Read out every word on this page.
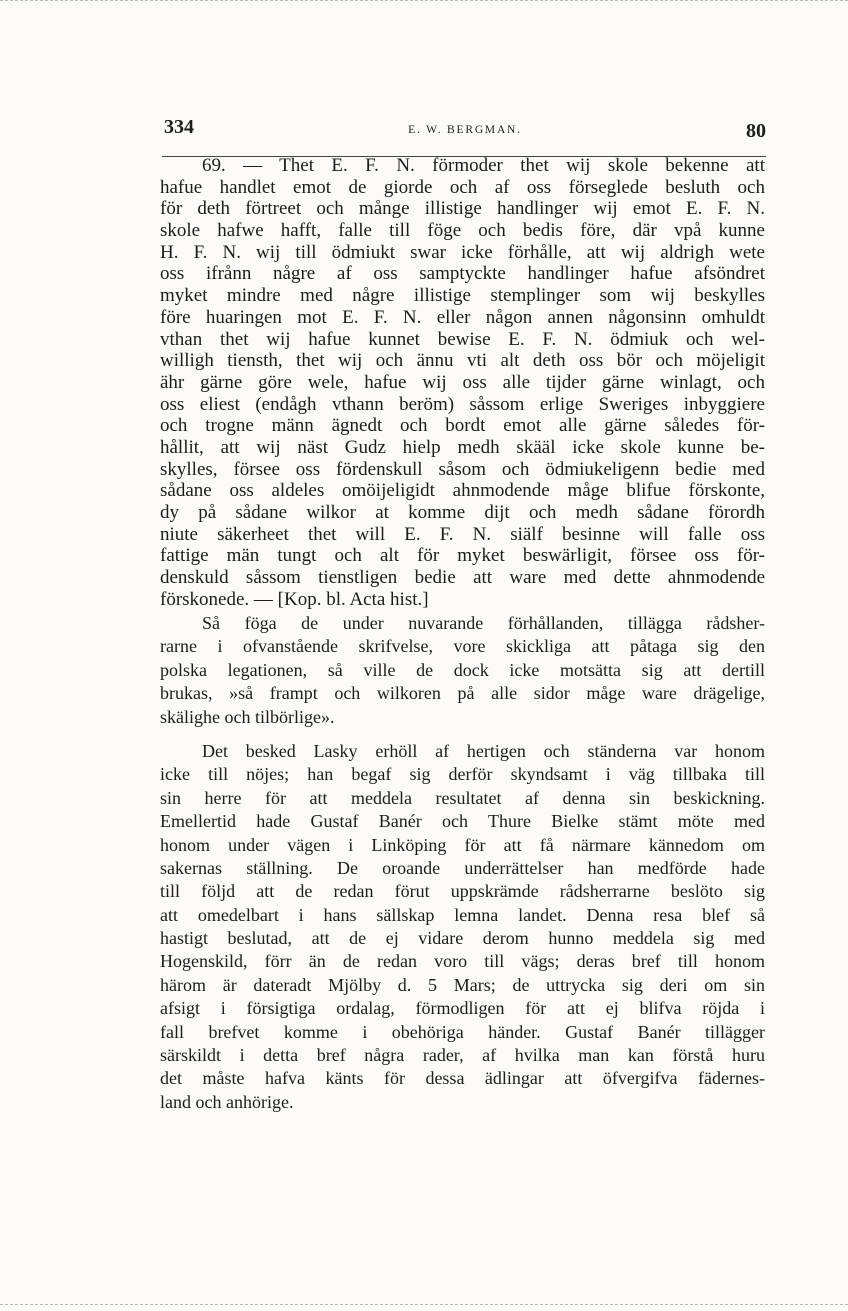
334	E. W. BERGMAN.	80
69. — Thet E. F. N. förmoder thet wij skole bekenne att
hafue handlet emot de giorde och af oss förseglede besluth och
för deth förtreet och månge illistige handlinger wij emot E. F. N.
skole hafwe hafft, falle till föge och bedis före, där vpå kunne
H. F. N. wij till ödmiukt swar icke förhålle, att wij aldrigh wete
oss ifrånn någre af oss samptyckte handlinger hafue afsöndret
myket mindre med någre illistige stemplinger som wij beskylles
före huaringen mot E. F. N. eller någon annen någonsinn omhuldt
vthan thet wij hafue kunnet bewise E. F. N. ödmiuk och wel-
willigh tiensth, thet wij och ännu vti alt deth oss bör och möjeligit
ähr gärne göre wele, hafue wij oss alle tijder gärne winlagt, och
oss eliest (endågh vthann beröm) såssom erlige Sweriges inbyggiere
och trogne männ ägnedt och bordt emot alle gärne således för-
hållit, att wij näst Gudz hielp medh skääl icke skole kunne be-
skylles, försee oss fördenskull såsom och ödmiukeligenn bedie med
sådane oss aldeles omöijeligidt ahnmodende måge blifue förskonte,
dy på sådane wilkor at komme dijt och medh sådane förordh
niute säkerheet thet will E. F. N. siälf besinne will falle oss
fattige män tungt och alt för myket beswärligit, försee oss för-
denskuld såssom tienstligen bedie att ware med dette ahnmodende
förskonede. — [Kop. bl. Acta hist.]
Så föga de under nuvarande förhållanden, tillägga rådsher-
rarne i ofvanstående skrifvelse, vore skickliga att påtaga sig den
polska legationen, så ville de dock icke motsätta sig att dertill
brukas, »så frampt och wilkoren på alle sidor måge ware drägelige,
skälighe och tilbörlige».
Det besked Lasky erhöll af hertigen och ständerna var honom
icke till nöjes; han begaf sig derför skyndsamt i väg tillbaka till
sin herre för att meddela resultatet af denna sin beskickning.
Emellertid hade Gustaf Banér och Thure Bielke stämt möte med
honom under vägen i Linköping för att få närmare kännedom om
sakernas ställning. De oroande underrättelser han medförde hade
till följd att de redan förut uppskrämde rådsherrarne beslöto sig
att omedelbart i hans sällskap lemna landet. Denna resa blef så
hastigt beslutad, att de ej vidare derom hunno meddela sig med
Hogenskild, förr än de redan voro till vägs; deras bref till honom
härom är dateradt Mjölby d. 5 Mars; de uttrycka sig deri om sin
afsigt i försigtiga ordalag, förmodligen för att ej blifva röjda i
fall brefvet komme i obehöriga händer. Gustaf Banér tillägger
särskildt i detta bref några rader, af hvilka man kan förstå huru
det måste hafva känts för dessa ädlingar att öfvergifva fädernes-
land och anhörige.
